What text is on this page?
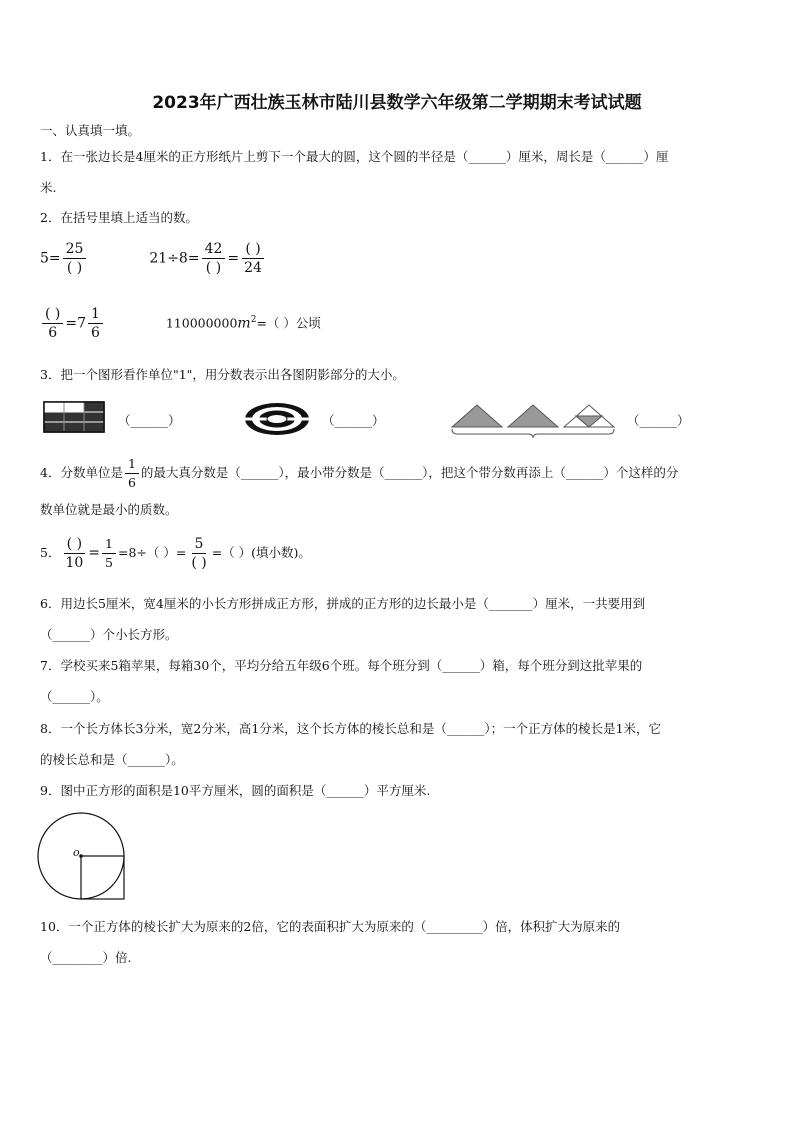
2023年广西壮族玉林市陆川县数学六年级第二学期期末考试试题
一、认真填一填。
1．在一张边长是4厘米的正方形纸片上剪下一个最大的圆，这个圆的半径是（______）厘米，周长是（______）厘
米.
2．在括号里填上适当的数。
$5= \frac{25}{( )}$	$21\div 8= \frac{42}{( )} = \frac{( )}{24}$
$\frac{( )}{6} =7 \frac{1}{6}$	$110000000m^2=$（ ）公顷
3．把一个图形看作单位"1"，用分数表示出各图阴影部分的大小。
（______）	（______）	（______）
4．分数单位是 $\frac{1}{6}$ 的最大真分数是（______），最小带分数是（______），把这个带分数再添上（______）个这样的分
数单位就是最小的质数。
5． $\frac{( )}{10} = \frac{1}{5} =8\div$（ ）= $\frac{5}{( )}$ =（ ）(填小数)。
6．用边长5厘米，宽4厘米的小长方形拼成正方形，拼成的正方形的边长最小是（_______）厘米，一共要用到
（______）个小长方形。
7．学校买来5箱苹果，每箱30个，平均分给五年级6个班。每个班分到（______）箱，每个班分到这批苹果的
（______）。
8．一个长方体长3分米，宽2分米，高1分米，这个长方体的棱长总和是（______）；一个正方体的棱长是1米，它
的棱长总和是（______）。
9．图中正方形的面积是10平方厘米，圆的面积是（______）平方厘米.
o
10．一个正方体的棱长扩大为原来的2倍，它的表面积扩大为原来的（_________）倍，体积扩大为原来的
（________）倍.
